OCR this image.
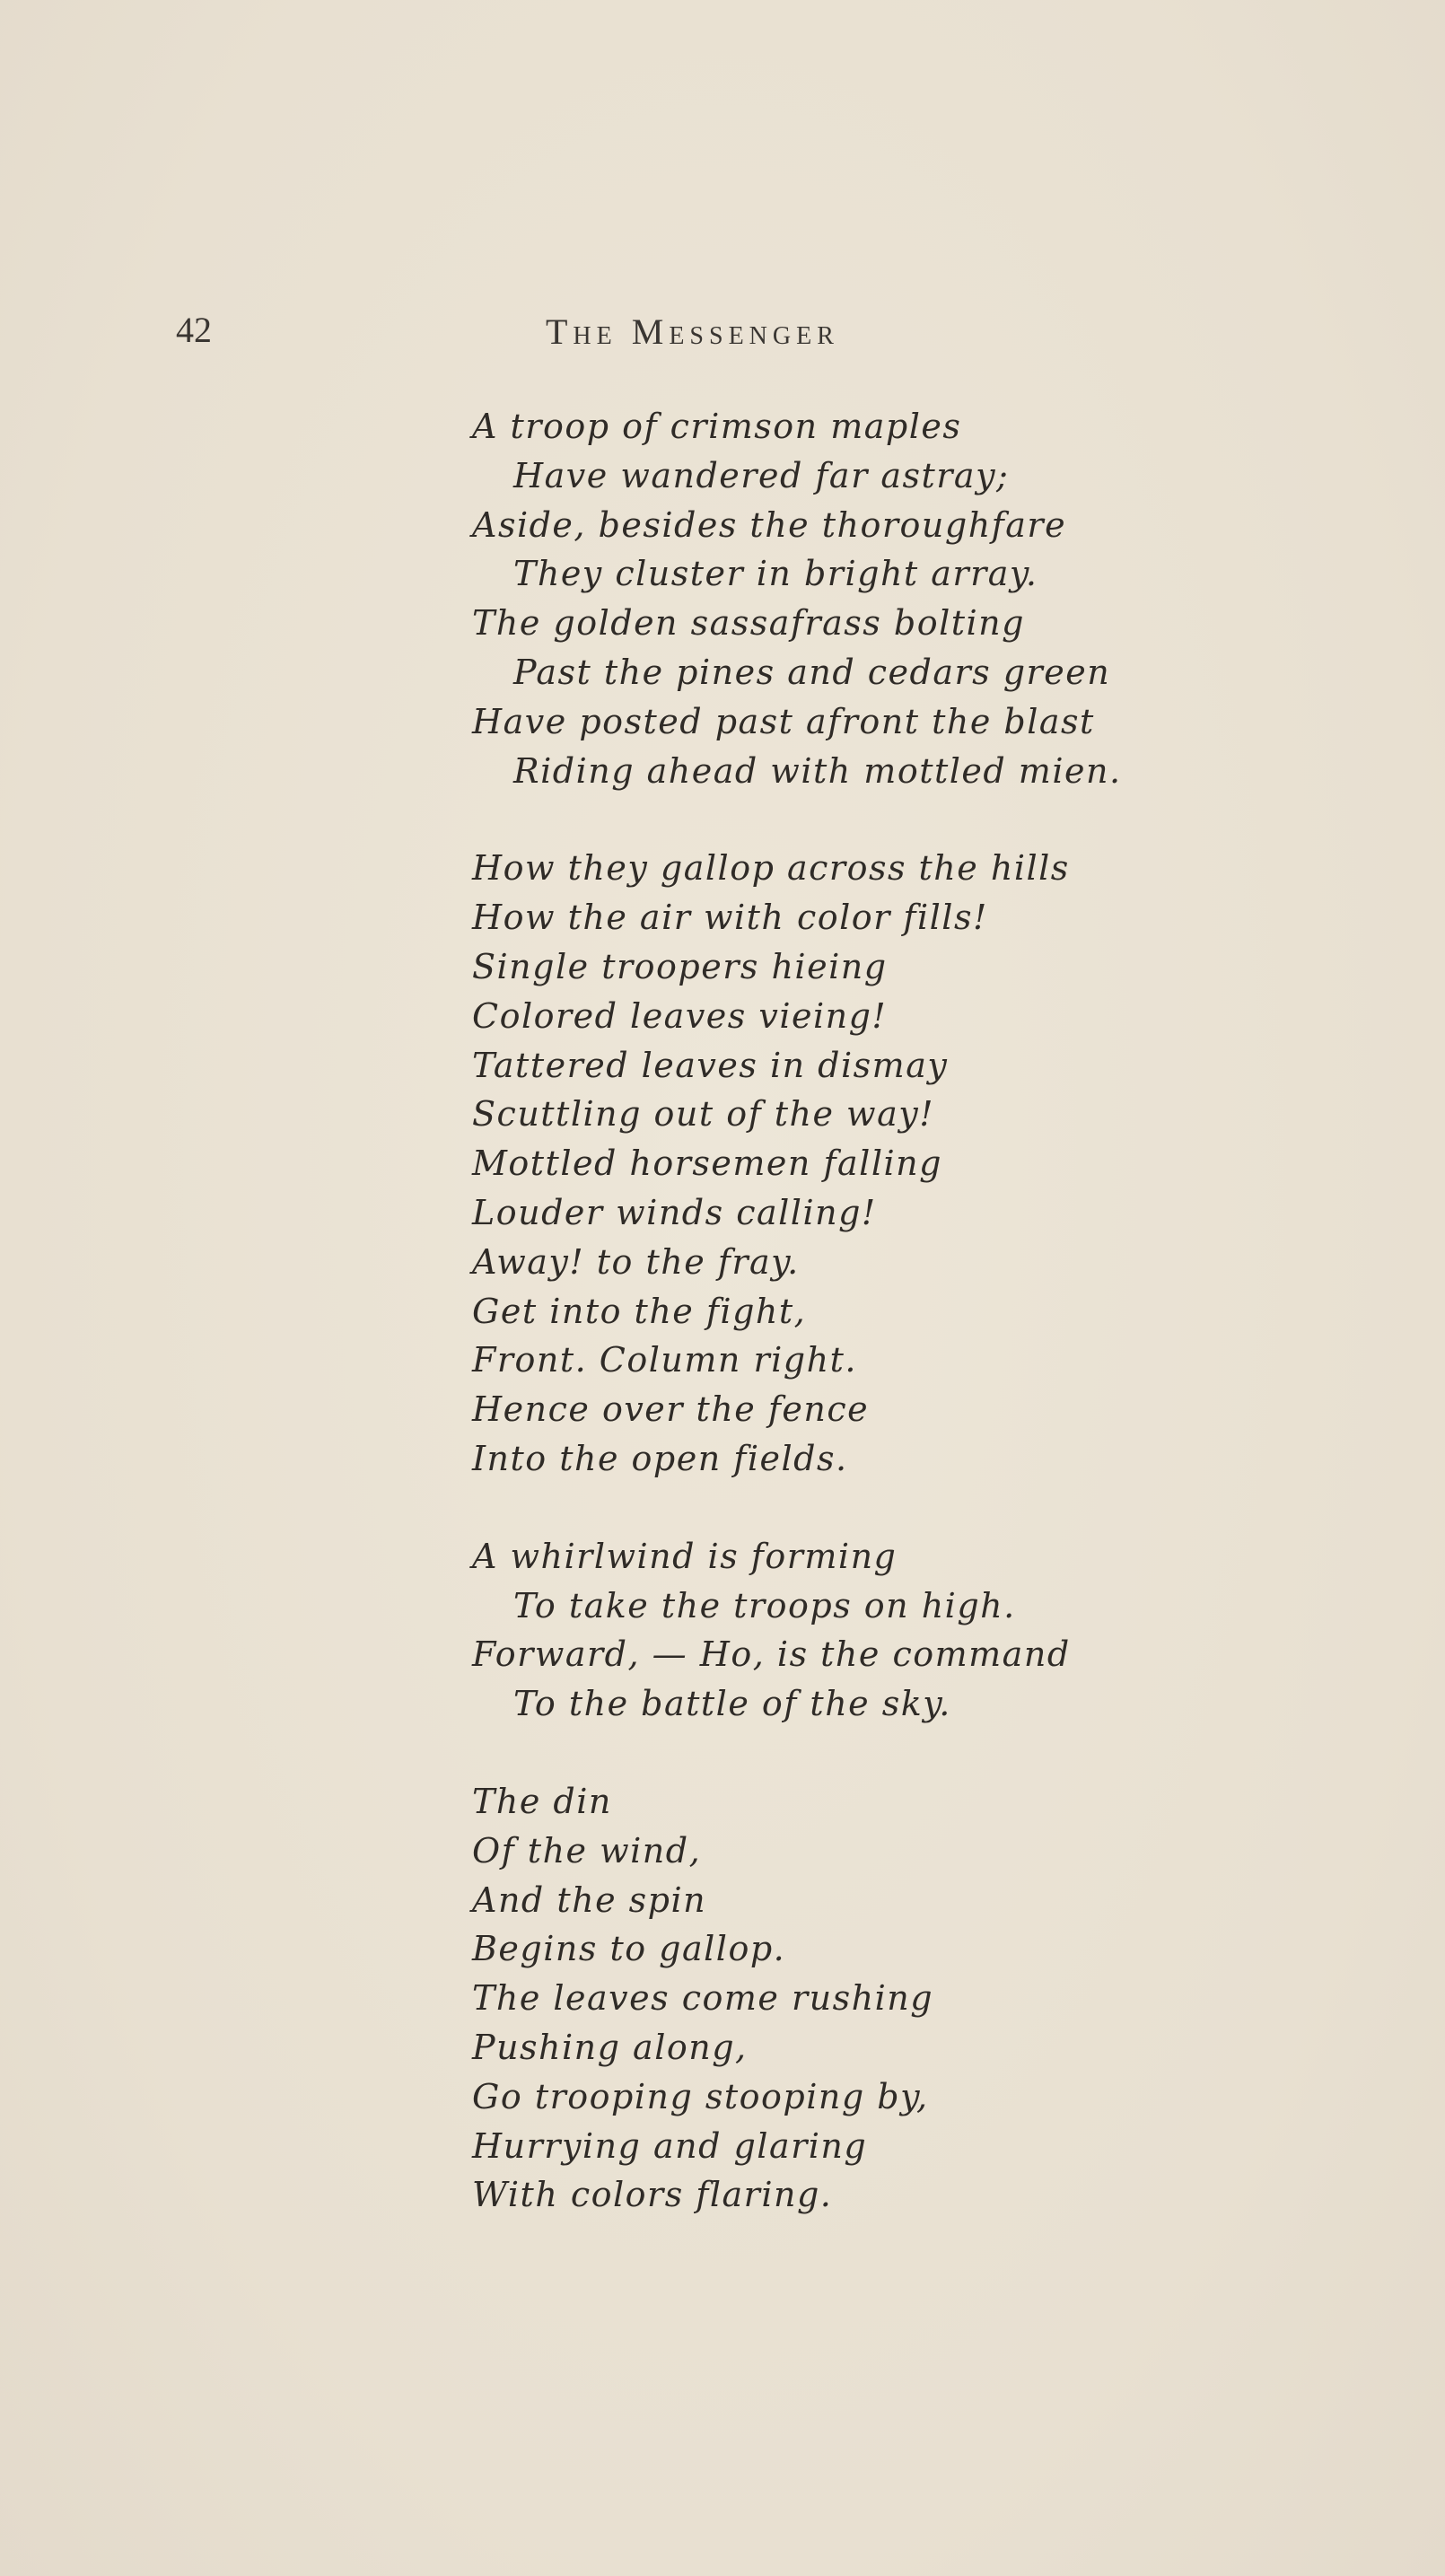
42	The Messenger

A troop of crimson maples
Have wandered far astray;
Aside, besides the thoroughfare
They cluster in bright array.
The golden sassafrass bolting
Past the pines and cedars green
Have posted past afront the blast
Riding ahead with mottled mien.
How they gallop across the hills
How the air with color fills!
Single troopers hieing
Colored leaves vieing!
Tattered leaves in dismay
Scuttling out of the way!
Mottled horsemen falling
Louder winds calling!
Away! to the fray.
Get into the fight,
Front. Column right.
Hence over the fence
Into the open fields.
A whirlwind is forming
To take the troops on high.
Forward, — Ho, is the command
To the battle of the sky.
The din
Of the wind,
And the spin
Begins to gallop.
The leaves come rushing
Pushing along,
Go trooping stooping by,
Hurrying and glaring
With colors flaring.
